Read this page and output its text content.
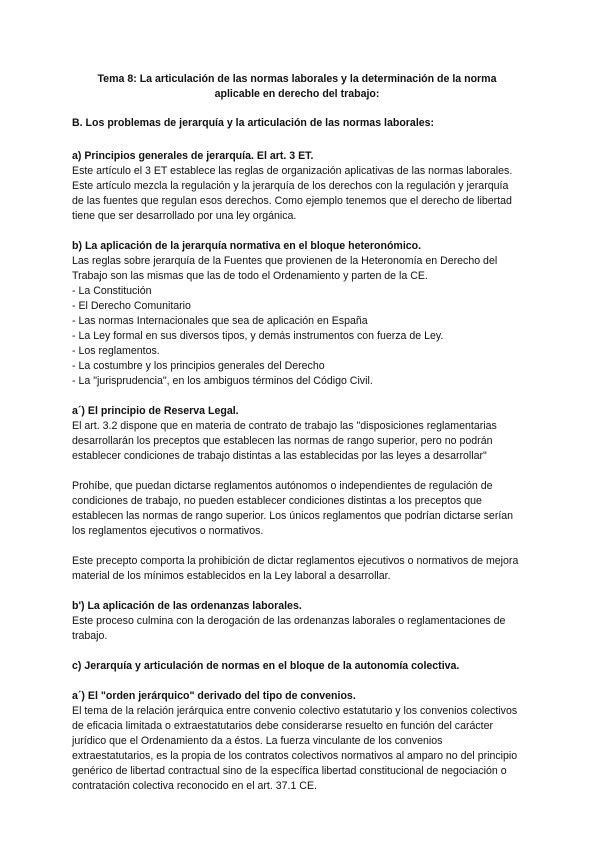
Tema 8: La articulación de las normas laborales y la determinación de la norma
aplicable en derecho del trabajo:
B. Los problemas de jerarquía y la articulación de las normas laborales:
a) Principios generales de jerarquía. El art. 3 ET.

Este artículo el 3 ET establece las reglas de organización aplicativas de las normas laborales. Este artículo mezcla la regulación y la jerarquía de los derechos con la regulación y jerarquía de las fuentes que regulan esos derechos. Como ejemplo tenemos que el derecho de libertad tiene que ser desarrollado por una ley orgánica.

b) La aplicación de la jerarquía normativa en el bloque heteronómico.

Las reglas sobre jerarquía de la Fuentes que provienen de la Heteronomía en Derecho del Trabajo son las mismas que las de todo el Ordenamiento y parten de la CE.

- La Constitución
- El Derecho Comunitario
- Las normas Internacionales que sea de aplicación en España
- La Ley formal en sus diversos tipos, y demás instrumentos con fuerza de Ley.
- Los reglamentos.
- La costumbre y los principios generales del Derecho
- La "jurisprudencia", en los ambiguos términos del Código Civil.
a´) El principio de Reserva Legal.

El art. 3.2 dispone que en materia de contrato de trabajo las "disposiciones reglamentarias desarrollarán los preceptos que establecen las normas de rango superior, pero no podrán establecer condiciones de trabajo distintas a las establecidas por las leyes a desarrollar"

Prohíbe, que puedan dictarse reglamentos autónomos o independientes de regulación de condiciones de trabajo, no pueden establecer condiciones distintas a los preceptos que establecen las normas de rango superior. Los únicos reglamentos que podrían dictarse serían los reglamentos ejecutivos o normativos.

Este precepto comporta la prohibición de dictar reglamentos ejecutivos o normativos de mejora material de los mínimos establecidos en la Ley laboral a desarrollar.

b') La aplicación de las ordenanzas laborales.

Este proceso culmina con la derogación de las ordenanzas laborales o reglamentaciones de trabajo.

c) Jerarquía y articulación de normas en el bloque de la autonomía colectiva.
a´) El "orden jerárquico" derivado del tipo de convenios.

El tema de la relación jerárquica entre convenio colectivo estatutario y los convenios colectivos de eficacia limitada o extraestatutarios debe considerarse resuelto en función del carácter jurídico que el Ordenamiento da a éstos. La fuerza vinculante de los convenios extraestatutarios, es la propia de los contratos colectivos normativos al amparo no del principio genérico de libertad contractual sino de la específica libertad constitucional de negociación o contratación colectiva reconocido en el art. 37.1 CE.
